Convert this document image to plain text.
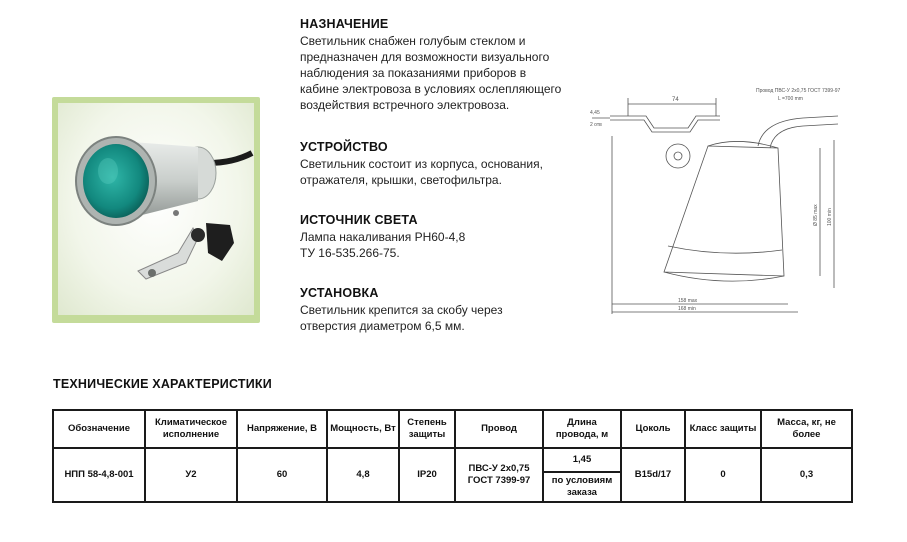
НАЗНАЧЕНИЕ

Светильник снабжен голубым стеклом и
предназначен для возможности визуального
наблюдения за показаниями приборов в
кабине электровоза в условиях ослепляющего
воздействия встречного электровоза.

УСТРОЙСТВО

Светильник состоит из корпуса, основания,
отражателя, крышки, светофильтра.

ИСТОЧНИК СВЕТА

Лампа накаливания РН60-4,8
ТУ 16-535.266-75.

УСТАНОВКА

Светильник крепится за скобу через
отверстия диаметром 6,5 мм.

74
4,45
2 отв
Провод ПВС-У 2х0,75 ГОСТ 7399-97
L =700 mm
Ø 85 max 100 min
158 max
168 min
ТЕХНИЧЕСКИЕ ХАРАКТЕРИСТИКИ
Обозначение	Климатическое исполнение	Напряжение, В	Мощность, Вт	Степень защиты	Провод	Длина провода, м	Цоколь	Класс защиты	Масса, кг, не более
НПП 58-4,8-001	У2	60	4,8	IP20	ПВС-У 2х0,75 ГОСТ 7399-97	1,45	B15d/17	0	0,3
						по условиям заказа			
